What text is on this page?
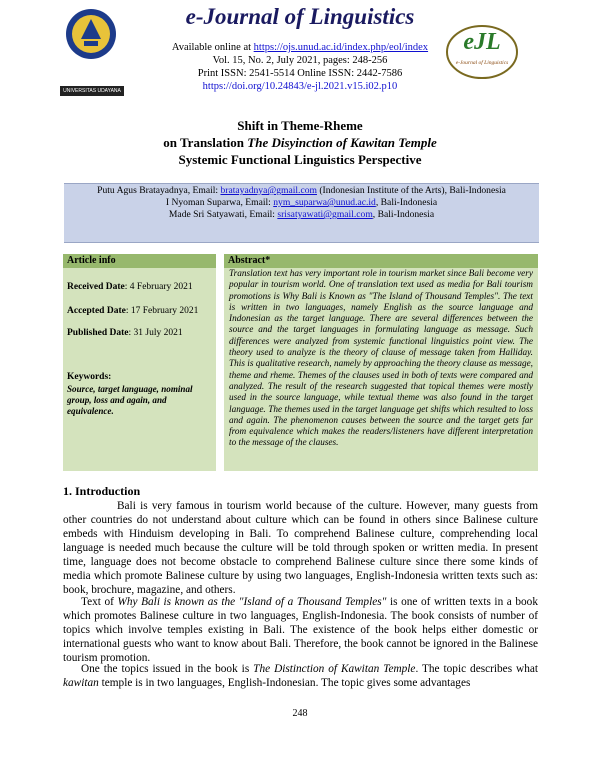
UNIVERSITAS UDAYANA
e-Journal of Linguistics
Available online at https://ojs.unud.ac.id/index.php/eol/index
Vol. 15, No. 2, July 2021, pages: 248-256
Print ISSN: 2541-5514 Online ISSN: 2442-7586
https://doi.org/10.24843/e-jl.2021.v15.i02.p10
eJL
e-Journal of Linguistics
Shift in Theme-Rheme
on Translation The Disyinction of Kawitan Temple
Systemic Functional Linguistics Perspective
Putu Agus Bratayadnya, Email: bratayadnya@gmail.com (Indonesian Institute of the Arts), Bali-Indonesia
I Nyoman Suparwa, Email: nym_suparwa@unud.ac.id, Bali-Indonesia
Made Sri Satyawati, Email: srisatyawati@gmail.com, Bali-Indonesia
Article info
Received Date: 4 February 2021
Accepted Date: 17 February 2021
Published Date: 31 July 2021
Keywords:
Source, target language, nominal group, loss and again, and equivalence.
Abstract*
Translation text has very important role in tourism market since Bali become very popular in tourism world. One of translation text used as media for Bali tourism promotions is Why Bali is Known as "The Island of Thousand Temples". The text is written in two languages, namely English as the source language and Indonesian as the target language. There are several differences between the source and the target languages in formulating language as message. Such differences were analyzed from systemic functional linguistics point view. The theory used to analyze is the theory of clause of message taken from Halliday. This is qualitative research, namely by approaching the theory clause as message, theme and rheme. Themes of the clauses used in both of texts were compared and analyzed. The result of the research suggested that topical themes were mostly used in the source language, while textual theme was also found in the target language. The themes used in the target language get shifts which resulted to loss and again. The phenomenon causes between the source and the target gets far from equivalence which makes the readers/listeners have different interpretation to the message of the clauses.
1. Introduction
Bali is very famous in tourism world because of the culture. However, many guests from other countries do not understand about culture which can be found in others since Balinese culture embeds with Hinduism developing in Bali. To comprehend Balinese culture, comprehending local language is needed much because the culture will be told through spoken or written media. In present time, language does not become obstacle to comprehend Balinese culture since there some kinds of media which promote Balinese culture by using two languages, English-Indonesia written texts such as: book, brochure, magazine, and others.
Text of Why Bali is known as the "Island of a Thousand Temples" is one of written texts in a book which promotes Balinese culture in two languages, English-Indonesia. The book consists of number of topics which involve temples existing in Bali. The existence of the book helps either domestic or international guests who want to know about Bali. Therefore, the book cannot be ignored in the Balinese tourism promotion.
One the topics issued in the book is The Distinction of Kawitan Temple. The topic describes what kawitan temple is in two languages, English-Indonesian. The topic gives some advantages
248
